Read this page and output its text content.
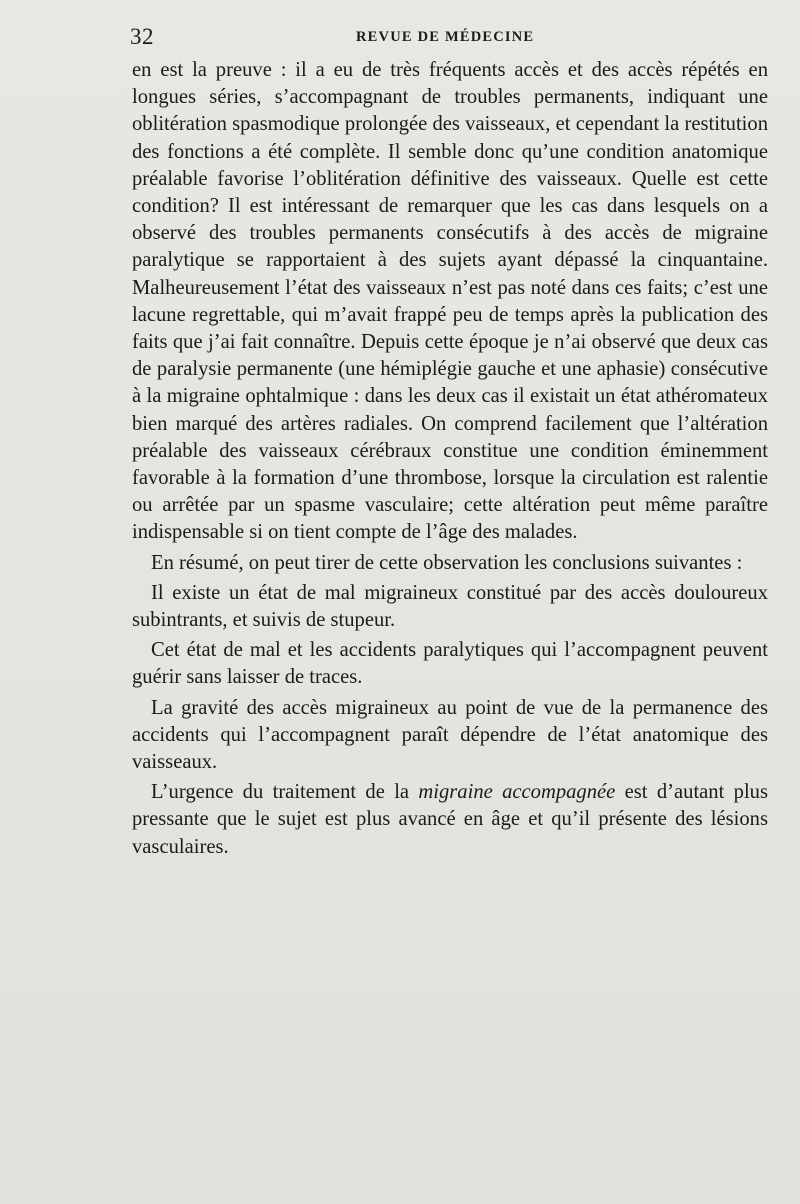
32	REVUE DE MÉDECINE

en est la preuve : il a eu de très fréquents accès et des accès répétés en longues séries, s’accompagnant de troubles permanents, indiquant une oblitération spasmodique prolongée des vaisseaux, et cependant la restitution des fonctions a été complète. Il semble donc qu’une condition anatomique préalable favorise l’oblitération définitive des vaisseaux. Quelle est cette condition? Il est intéressant de remarquer que les cas dans lesquels on a observé des troubles permanents consécutifs à des accès de migraine paralytique se rapportaient à des sujets ayant dépassé la cinquantaine. Malheureusement l’état des vaisseaux n’est pas noté dans ces faits; c’est une lacune regrettable, qui m’avait frappé peu de temps après la publication des faits que j’ai fait connaître. Depuis cette époque je n’ai observé que deux cas de paralysie permanente (une hémiplégie gauche et une aphasie) consécutive à la migraine ophtalmique : dans les deux cas il existait un état athéromateux bien marqué des artères radiales. On comprend facilement que l’altération préalable des vaisseaux cérébraux constitue une condition éminemment favorable à la formation d’une thrombose, lorsque la circulation est ralentie ou arrêtée par un spasme vasculaire; cette altération peut même paraître indispensable si on tient compte de l’âge des malades.

En résumé, on peut tirer de cette observation les conclusions suivantes :

Il existe un état de mal migraineux constitué par des accès douloureux subintrants, et suivis de stupeur.

Cet état de mal et les accidents paralytiques qui l’accompagnent peuvent guérir sans laisser de traces.

La gravité des accès migraineux au point de vue de la permanence des accidents qui l’accompagnent paraît dépendre de l’état anatomique des vaisseaux.

L’urgence du traitement de la migraine accompagnée est d’autant plus pressante que le sujet est plus avancé en âge et qu’il présente des lésions vasculaires.
